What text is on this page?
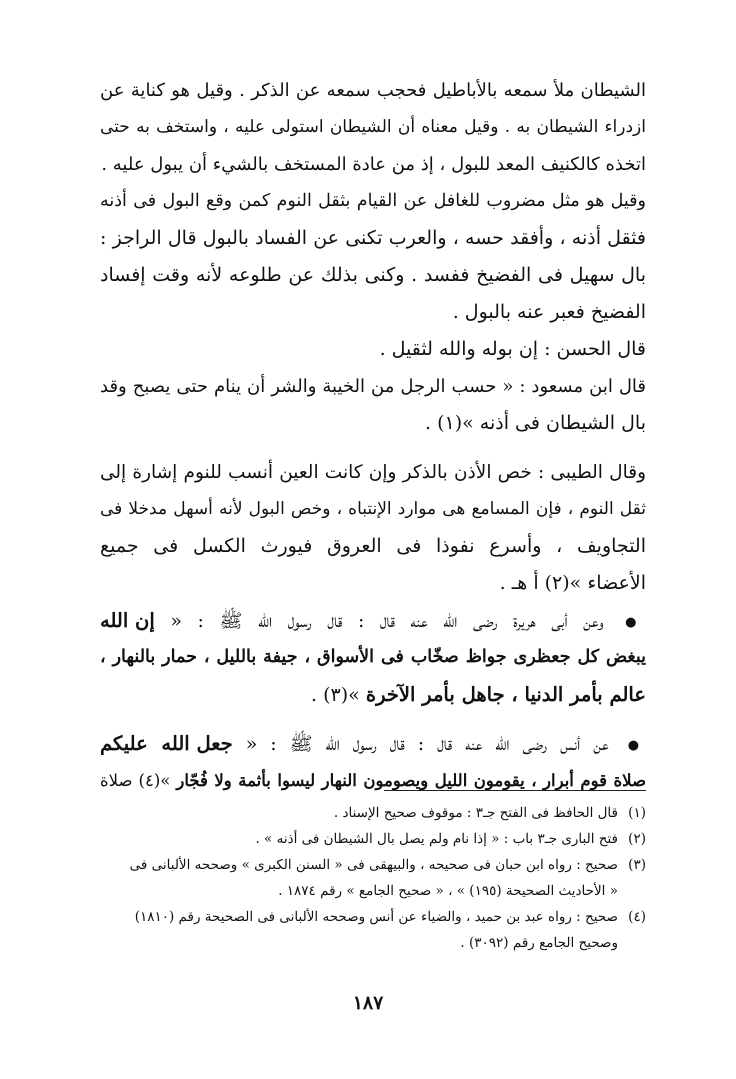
الشيطان ملأ سمعه بالأباطيل فحجب سمعه عن الذكر . وقيل هو كناية عن
ازدراء الشيطان به . وقيل معناه أن الشيطان استولى عليه ، واستخف به حتى
اتخذه كالكنيف المعد للبول ، إذ من عادة المستخف بالشيء أن يبول عليه .
وقيل هو مثل مضروب للغافل عن القيام بثقل النوم كمن وقع البول فى أذنه
فثقل أذنه ، وأفقد حسه ، والعرب تكنى عن الفساد بالبول قال الراجز :
بال سهيل فى الفضيخ ففسد . وكنى بذلك عن طلوعه لأنه وقت إفساد
الفضيخ فعبر عنه بالبول .
قال الحسن : إن بوله والله لثقيل .
قال ابن مسعود : « حسب الرجل من الخيبة والشر أن ينام حتى يصبح وقد
بال الشيطان فى أذنه »(١) .
وقال الطيبى : خص الأذن بالذكر وإن كانت العين أنسب للنوم إشارة إلى
ثقل النوم ، فإن المسامع هى موارد الإنتباه ، وخص البول لأنه أسهل مدخلا فى
التجاويف ، وأسرع نفوذا فى العروق فيورث الكسل فى جميع
الأعضاء »(٢) أ هـ .
● وعن أبى هريرة رضى الله عنه قال : قال رسول الله ﷺ : « إن الله
يبغض كل جعظرى جواظ صخّاب فى الأسواق ، جيفة بالليل ، حمار بالنهار ،
عالم بأمر الدنيا ، جاهل بأمر الآخرة »(٣) .
● عن أنس رضى الله عنه قال : قال رسول الله ﷺ : « جعل الله عليكم
صلاة قوم أبرار ، يقومون الليل ويصومون النهار ليسوا بأثمة ولا فُجّار »(٤) صلاة
(١)قال الحافظ فى الفتح جـ٣ : موقوف صحيح الإسناد .
(٢)فتح البارى جـ٣ باب : « إذا نام ولم يصل بال الشيطان فى أذنه » .
(٣)صحيح : رواه ابن حبان فى صحيحه ، والبيهقى فى « السنن الكبرى » وصححه الألبانى فى
« الأحاديث الصحيحة (١٩٥) » ، « صحيح الجامع » رقم ١٨٧٤ .
(٤)صحيح : رواه عبد بن حميد ، والضياء عن أنس وصححه الألبانى فى الصحيحة رقم (١٨١٠)
وصحيح الجامع رقم (٣٠٩٢) .
١٨٧
